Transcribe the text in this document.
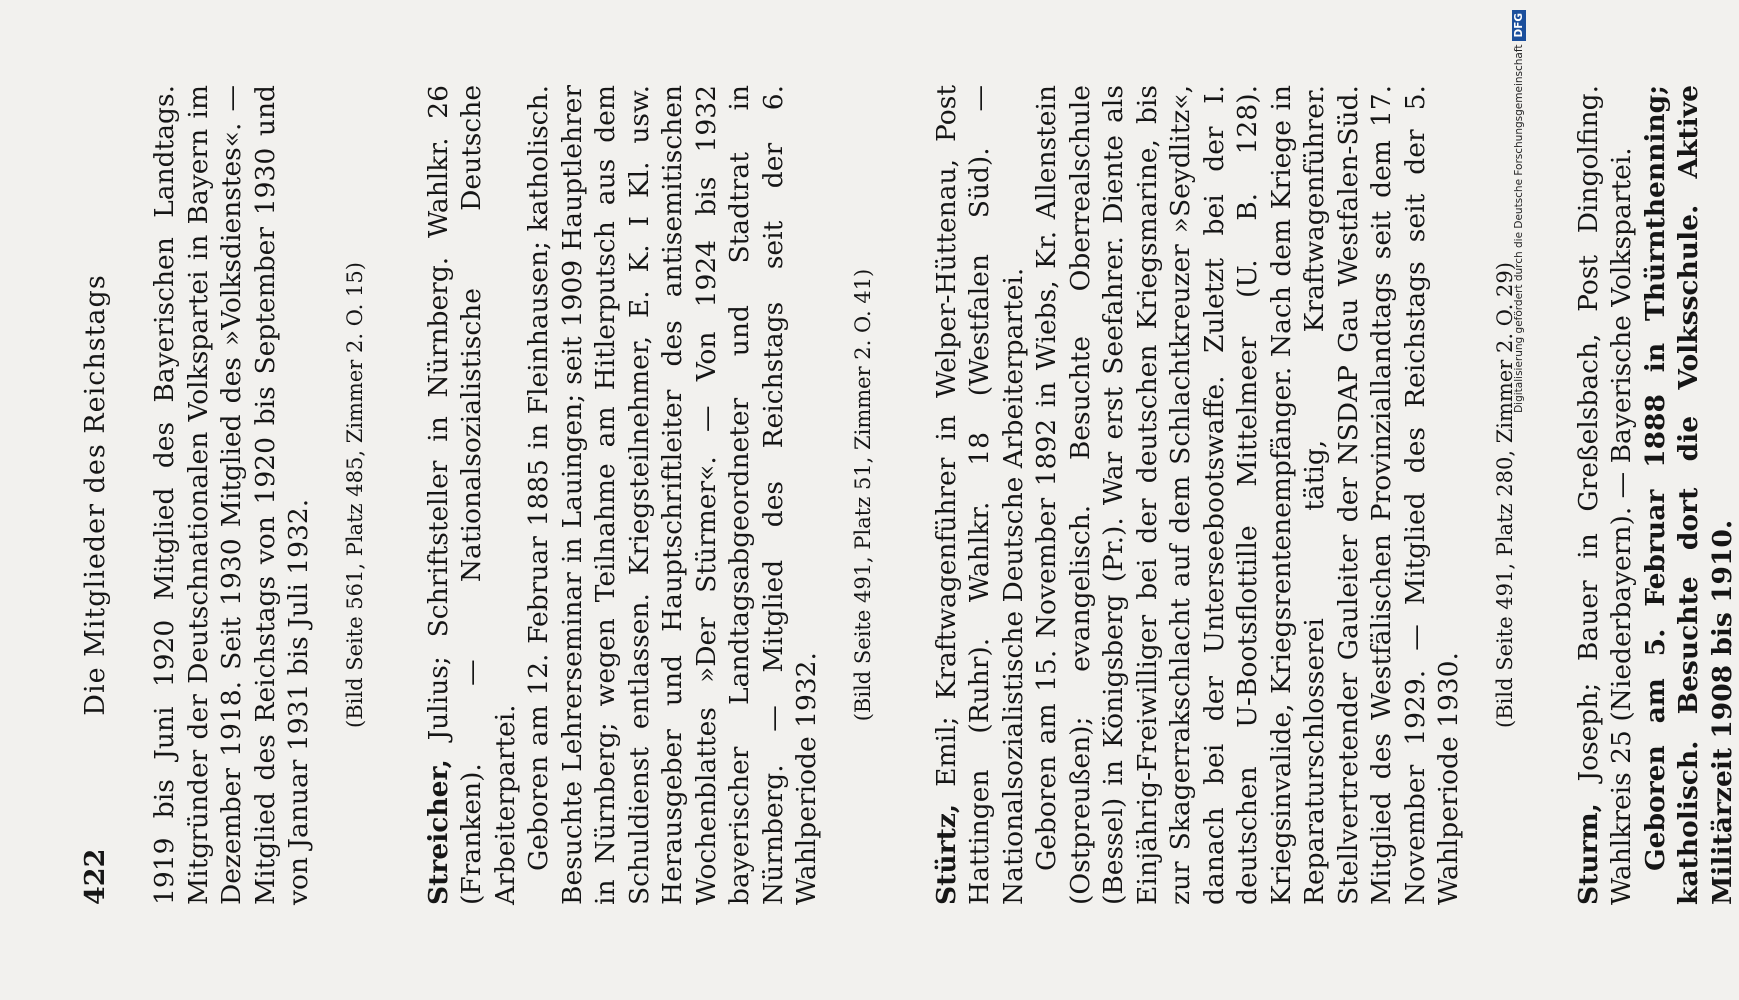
422
Die Mitglieder des Reichstags 1919 bis Juni 1920 Mitglied des Bayerischen Landtags. Mitgründer der Deutschnationalen Volkspartei in Bayern im Dezember 1918. Seit 1930 Mitglied des »Volksdienstes«. — Mitglied des Reichstags von 1920 bis September 1930 und von Januar 1931 bis Juli 1932. (Bild Seite 561, Platz 485, Zimmer 2. O. 15)

Streicher, Julius; Schriftsteller in Nürnberg. Wahlkr. 26 (Franken). — Nationalsozialistische Deutsche Arbeiterpartei. Geboren am 12. Februar 1885 in Fleinhausen; katholisch. Besuchte Lehrerseminar in Lauingen; seit 1909 Hauptlehrer in Nürnberg; wegen Teilnahme am Hitlerputsch aus dem Schuldienst entlassen. Kriegsteilnehmer, E. K. I Kl. usw. Herausgeber und Hauptschriftleiter des antisemitischen Wochenblattes »Der Stürmer«. — Von 1924 bis 1932 bayerischer Landtagsabgeordneter und Stadtrat in Nürnberg. — Mitglied des Reichstags seit der 6. Wahlperiode 1932.

(Bild Seite 491, Platz 51, Zimmer 2. O. 41)

Stürtz, Emil; Kraftwagenführer in Welper-Hüttenau, Post Hattingen (Ruhr). Wahlkr. 18 (Westfalen Süd). — Nationalsozialistische Deutsche Arbeiterpartei. Geboren am 15. November 1892 in Wiebs, Kr. Allenstein (Ostpreußen); evangelisch. Besuchte Oberrealschule (Bessel) in Königsberg (Pr.). War erst Seefahrer. Diente als Einjährig-Freiwilliger bei der deutschen Kriegsmarine, bis zur Skagerrakschlacht auf dem Schlachtkreuzer »Seydlitz«, danach bei der Unterseebootswaffe. Zuletzt bei der I. deutschen U-Bootsflottille Mittelmeer (U. B. 128). Kriegsinvalide, Kriegsrentenempfänger. Nach dem Kriege in Reparaturschlosserei tätig, Kraftwagenführer. Stellvertretender Gauleiter der NSDAP Gau Westfalen-Süd. Mitglied des Westfälischen Provinziallandtags seit dem 17. November 1929. — Mitglied des Reichstags seit der 5. Wahlperiode 1930.

(Bild Seite 491, Platz 280, Zimmer 2. O. 29)

Sturm, Joseph; Bauer in Greßelsbach, Post Dingolfing. Wahlkreis 25 (Niederbayern). — Bayerische Volkspartei. Geboren am 5. Februar 1888 in Thürnthenning; katholisch. Besuchte dort die Volksschule. Aktive Militärzeit 1908 bis 1910.

Digitalisierung gefördert durch die Deutsche ForschungsgemeinschaftDFG
